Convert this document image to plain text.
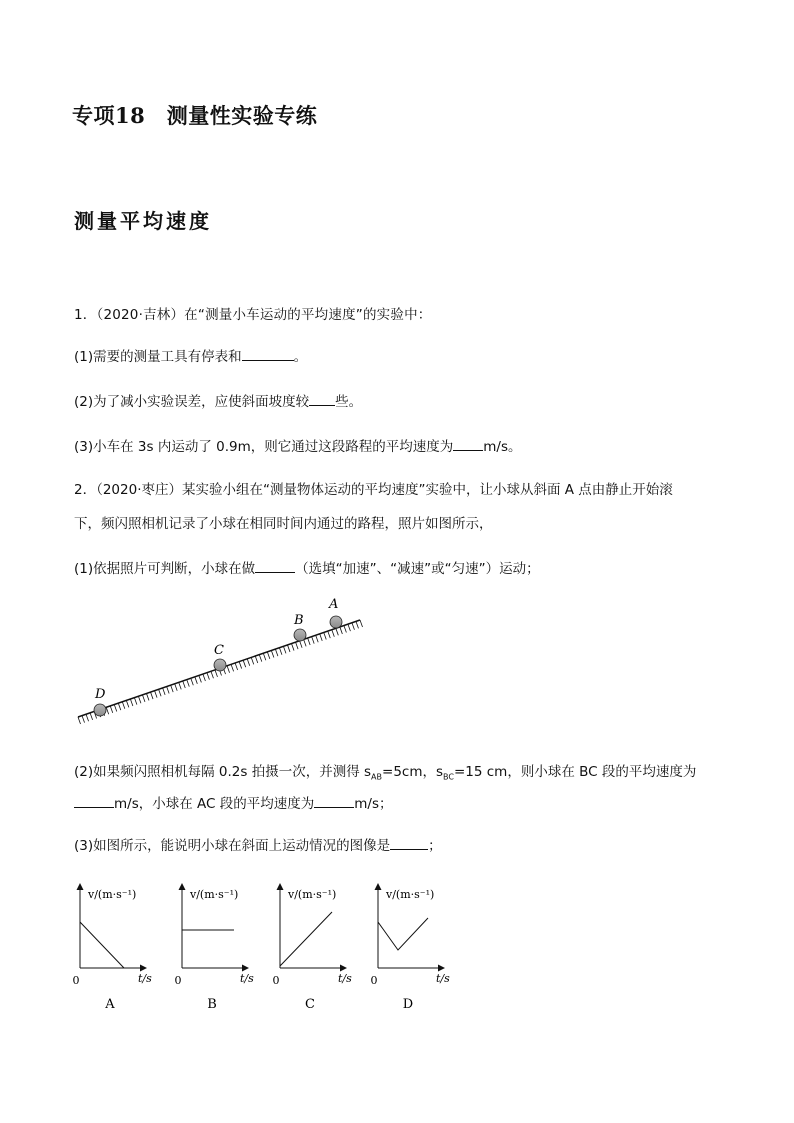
专项18　测量性实验专练
测量平均速度
1．（2020·吉林）在“测量小车运动的平均速度”的实验中：
(1)需要的测量工具有停表和	。
(2)为了减小实验误差，应使斜面坡度较 些。
(3)小车在 3s 内运动了 0.9m，则它通过这段路程的平均速度为 m/s。
2．（2020·枣庄）某实验小组在“测量物体运动的平均速度”实验中，让小球从斜面 A 点由静止开始滚
下，频闪照相机记录了小球在相同时间内通过的路程，照片如图所示，
(1)依据照片可判断，小球在做	（选填“加速”、“减速”或“匀速”）运动；
D
C
B
A
(2)如果频闪照相机每隔 0.2s 拍摄一次，并测得 $s_{AB}=5cm$，$s_{BC}=15$ cm，则小球在 BC 段的平均速度为
m/s，小球在 AC 段的平均速度为	m/s；
(3)如图所示，能说明小球在斜面上运动情况的图像是	；
v/(m·s⁻¹)
0	t/s
A
v/(m·s⁻¹)
0	t/s
B
v/(m·s⁻¹)
0	t/s
C
v/(m·s⁻¹)
0	t/s
D
